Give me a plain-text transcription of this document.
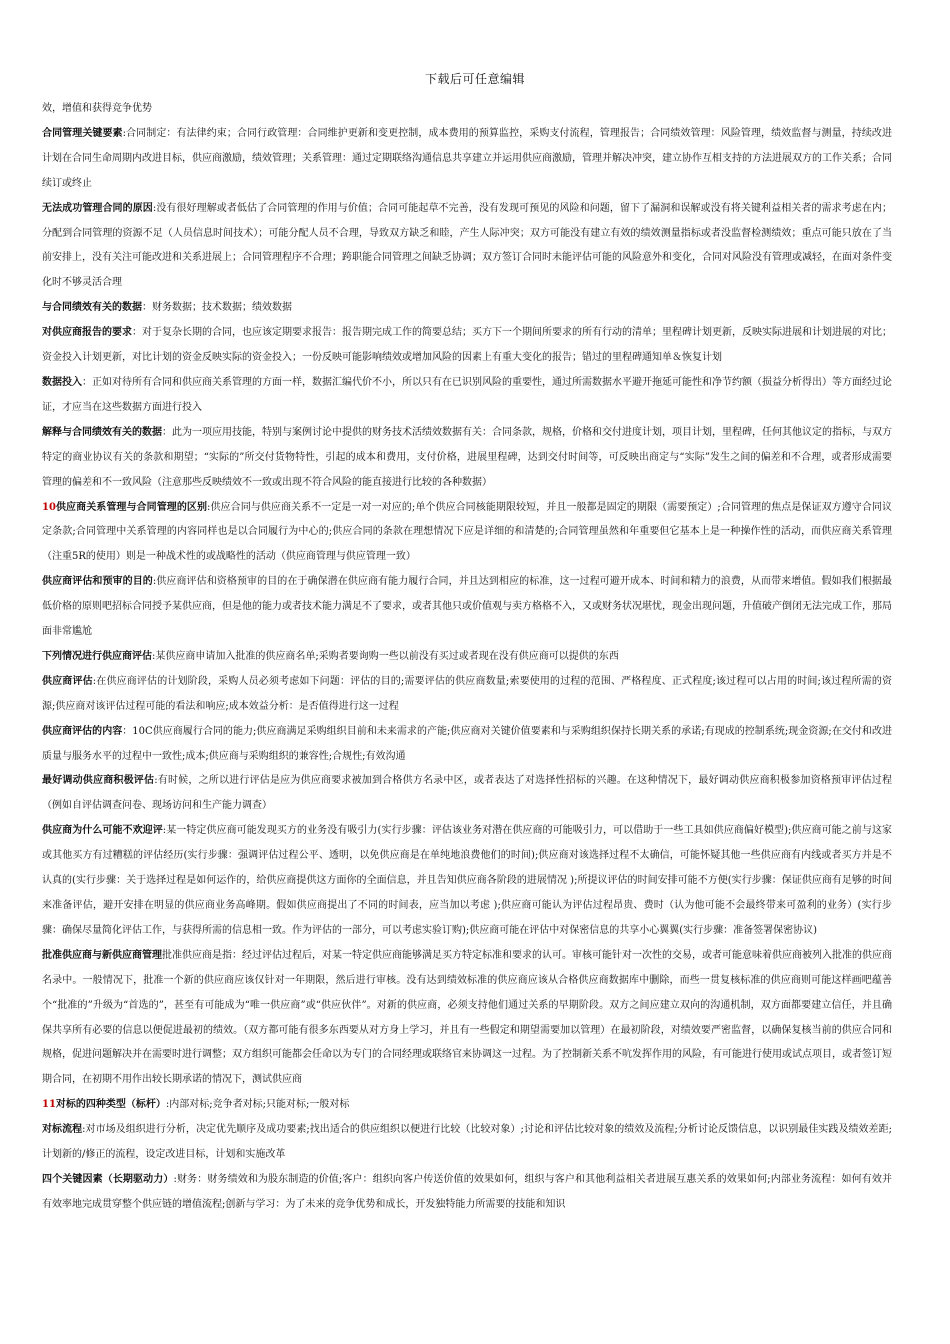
下载后可任意编辑

效，增值和获得竞争优势

合同管理关键要素:合同制定：有法律约束；合同行政管理：合同维护更新和变更控制，成本费用的预算监控，采购支付流程，管理报告；合同绩效管理：风险管理，绩效监督与测量，持续改进计划在合同生命周期内改进目标，供应商激励，绩效管理；关系管理：通过定期联络沟通信息共享建立并运用供应商激励，管理并解决冲突，建立协作互相支持的方法进展双方的工作关系；合同续订或终止

无法成功管理合同的原因:没有很好理解或者低估了合同管理的作用与价值；合同可能起草不完善，没有发现可预见的风险和问题，留下了漏洞和误解或没有将关键利益相关者的需求考虑在内；分配到合同管理的资源不足（人员信息时间技术）；可能分配人员不合理，导致双方缺乏和睦，产生人际冲突；双方可能没有建立有效的绩效测量指标或者没监督检测绩效；重点可能只放在了当前安排上，没有关注可能改进和关系进展上；合同管理程序不合理；跨职能合同管理之间缺乏协调；双方签订合同时未能评估可能的风险意外和变化，合同对风险没有管理或减轻，在面对条件变化时不够灵活合理

与合同绩效有关的数据：财务数据；技术数据；绩效数据

对供应商报告的要求：对于复杂长期的合同，也应该定期要求报告：报告期完成工作的简要总结；买方下一个期间所要求的所有行动的清单；里程碑计划更新，反映实际进展和计划进展的对比；资金投入计划更新，对比计划的资金反映实际的资金投入；一份反映可能影响绩效或增加风险的因素上有重大变化的报告；错过的里程碑通知单＆恢复计划

数据投入：正如对待所有合同和供应商关系管理的方面一样，数据汇编代价不小，所以只有在已识别风险的重要性，通过所需数据水平避开拖延可能性和净节约额（损益分析得出）等方面经过论证，才应当在这些数据方面进行投入

解释与合同绩效有关的数据：此为一项应用技能，特别与案例讨论中提供的财务技术活绩效数据有关：合同条款，规格，价格和交付进度计划，项目计划，里程碑，任何其他议定的指标，与双方特定的商业协议有关的条款和期望；“实际的”所交付货物特性，引起的成本和费用，支付价格，进展里程碑，达到交付时间等，可反映出商定与“实际”发生之间的偏差和不合理，或者形成需要管理的偏差和不一致风险（注意那些反映绩效不一致或出现不符合风险的能直接进行比较的各种数据）

10供应商关系管理与合同管理的区别:供应合同与供应商关系不一定是一对一对应的;单个供应合同核能期限较短，并且一般都是固定的期限（需要预定）;合同管理的焦点是保证双方遵守合同议定条款;合同管理中关系管理的内容同样也是以合同履行为中心的;供应合同的条款在理想情况下应是详细的和清楚的;合同管理虽然和年重要但它基本上是一种操作性的活动，而供应商关系管理（注重5R的使用）则是一种战术性的或战略性的活动（供应商管理与供应管理一致）

供应商评估和预审的目的:供应商评估和资格预审的目的在于确保潜在供应商有能力履行合同，并且达到相应的标准，这一过程可避开成本、时间和精力的浪费，从而带来增值。假如我们根据最低价格的原则吧招标合同授予某供应商，但是他的能力或者技术能力满足不了要求，或者其他只或价值观与卖方格格不入，又或财务状况堪忧，现金出现问题，升值破产倒闭无法完成工作，那局面非常尴尬

下列情况进行供应商评估:某供应商申请加入批准的供应商名单;采购者要询购一些以前没有买过或者现在没有供应商可以提供的东西

供应商评估:在供应商评估的计划阶段，采购人员必须考虑如下问题：评估的目的;需要评估的供应商数量;索要使用的过程的范围、严格程度、正式程度;该过程可以占用的时间;该过程所需的资源;供应商对该评估过程可能的看法和响应;成本效益分析：是否值得进行这一过程

供应商评估的内容：10C供应商履行合同的能力;供应商满足采购组织目前和未来需求的产能;供应商对关键价值要素和与采购组织保持长期关系的承诺;有现成的控制系统;现金资源;在交付和改进质量与服务水平的过程中一致性;成本;供应商与采购组织的兼容性;合规性;有效沟通

最好调动供应商积极评估:有时候，之所以进行评估是应为供应商要求被加到合格供方名录中区，或者表达了对选择性招标的兴趣。在这种情况下，最好调动供应商积极参加资格预审评估过程（例如自评估调查问卷、现场访问和生产能力调查）

供应商为什么可能不欢迎评:某一特定供应商可能发现买方的业务没有吸引力(实行步骤：评估该业务对潜在供应商的可能吸引力，可以借助于一些工具如供应商偏好模型);供应商可能之前与这家或其他买方有过糟糕的评估经历(实行步骤：强调评估过程公平、透明，以免供应商是在单纯地浪费他们的时间);供应商对该选择过程不太确信，可能怀疑其他一些供应商有内线或者买方并是不认真的(实行步骤：关于选择过程是如何运作的，给供应商提供这方面你的全面信息，并且告知供应商各阶段的进展情况 );所提议评估的时间安排可能不方便(实行步骤：保证供应商有足够的时间来准备评估，避开安排在明显的供应商业务高峰期。假如供应商提出了不同的时间表，应当加以考虑 );供应商可能认为评估过程昂贵、费时（认为他可能不会最终带来可盈利的业务）(实行步骤：确保尽量简化评估工作，与获得所需的信息相一致。作为评估的一部分，可以考虑实验订购);供应商可能在评估中对保密信息的共享小心翼翼(实行步骤：准备签署保密协议)

批准供应商与新供应商管理批准供应商是指：经过评估过程后，对某一特定供应商能够满足买方特定标准和要求的认可。审核可能针对一次性的交易，或者可能意味着供应商被列入批准的供应商名录中。一般情况下，批准一个新的供应商应该仅针对一年期限，然后进行审核。没有达到绩效标准的供应商应该从合格供应商数据库中删除，而些一贯复核标准的供应商则可能这样画吧蕴善个“批准的”升级为“首选的”，甚至有可能成为“唯一供应商”或“供应伙伴”。对新的供应商，必须支持他们通过关系的早期阶段。双方之间应建立双向的沟通机制，双方面都要建立信任，并且确保共享所有必要的信息以便促进最初的绩效。（双方都可能有很多东西要从对方身上学习，并且有一些假定和期望需要加以管理）在最初阶段，对绩效要严密监督，以确保复核当前的供应合同和规格，促进问题解决并在需要时进行调整；双方组织可能都会任命以为专门的合同经理或联络官来协调这一过程。为了控制新关系不吭发挥作用的风险，有可能进行使用或试点项目，或者签订短期合同，在初期不用作出较长期承诺的情况下，测试供应商

11对标的四种类型（标杆）:内部对标;竞争者对标;只能对标;一般对标

对标流程:对市场及组织进行分析，决定优先顺序及成功要素;找出适合的供应组织以便进行比较（比较对象）;讨论和评估比较对象的绩效及流程;分析讨论反馈信息，以识别最佳实践及绩效差距;计划新的/修正的流程，设定改进目标，计划和实施改革

四个关键因素（长期驱动力）:财务：财务绩效和为股东制造的价值;客户：组织向客户传送价值的效果如何，组织与客户和其他利益相关者进展互惠关系的效果如何;内部业务流程：如何有效并有效率地完成贯穿整个供应链的增值流程;创新与学习：为了未来的竞争优势和成长，开发独特能力所需要的技能和知识
